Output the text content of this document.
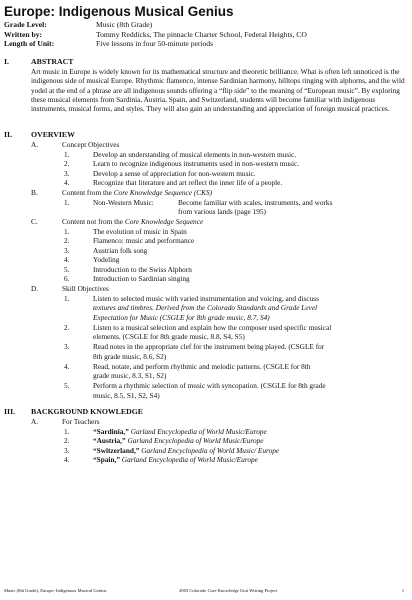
Europe: Indigenous Musical Genius
Grade Level:	Music (8th Grade)
Written by:	Tommy Reddicks, The pinnacle Charter School, Federal Heights, CO
Length of Unit:	Five lessons in four 50-minute periods
I.	ABSTRACT
Art music in Europe is widely known for its mathematical structure and theoretic brilliance. What is often left unnoticed is the indigenous side of musical Europe. Rhythmic flamenco, intense Sardinian harmony, hilltops ringing with alphorns, and the wild yodel at the end of a phrase are all indigenous sounds offering a “flip side” to the meaning of “European music”. By exploring these musical elements from Sardinia, Austria, Spain, and Switzerland, students will become familiar with indigenous instruments, musical forms, and styles. They will also gain an understanding and appreciation of foreign musical practices.
II. OVERVIEW
A.	Concept Objectives
1.	Develop an understanding of musical elements in non-western music.
2.	Learn to recognize indigenous instruments used in non-western music.
3.	Develop a sense of appreciation for non-western music.
4.	Recognize that literature and art reflect the inner life of a people.
B.	Content from the Core Knowledge Sequence (CKS)
1.	Non-Western Music:	Become familiar with scales, instruments, and works
from various lands (page 195)
C.	Content not from the Core Knowledge Sequence
1.	The evolution of music in Spain
2.	Flamenco: music and performance
3.	Austrian folk song
4.	Yodeling
5.	Introduction to the Swiss Alphorn
6.	Introduction to Sardinian singing
D.	Skill Objectives
1.	Listen to selected music with varied instrumentation and voicing, and discuss
textures and timbres. Derived from the Colorado Standards and Grade Level
Expectation for Music (CSGLE for 8th grade music, 8.7, S4)
2.	Listen to a musical selection and explain how the composer used specific musical
elements. (CSGLE for 8th grade music, 8.8, S4, S5)
3.	Read notes in the appropriate clef for the instrument being played. (CSGLE for
8th grade music, 8.6, S2)
4.	Read, notate, and perform rhythmic and melodic patterns. (CSGLE for 8th
grade music, 8.3, S1, S2)
5.	Perform a rhythmic selection of music with syncopation. (CSGLE for 8th grade
music, 8.5, S1, S2, S4)
III. BACKGROUND KNOWLEDGE
A.	For Teachers
1.	“Sardinia,” Garland Encyclopedia of World Music/Europe
2.	“Austria,” Garland Encyclopedia of World Music/Europe
3.	“Switzerland,” Garland Encyclopedia of World Music/ Europe
4.	“Spain,” Garland Encyclopedia of World Music/Europe
Music (8th Grade), Europe: Indigenous Musical Genius	2003 Colorado Core Knowledge Unit Writing Project	1
